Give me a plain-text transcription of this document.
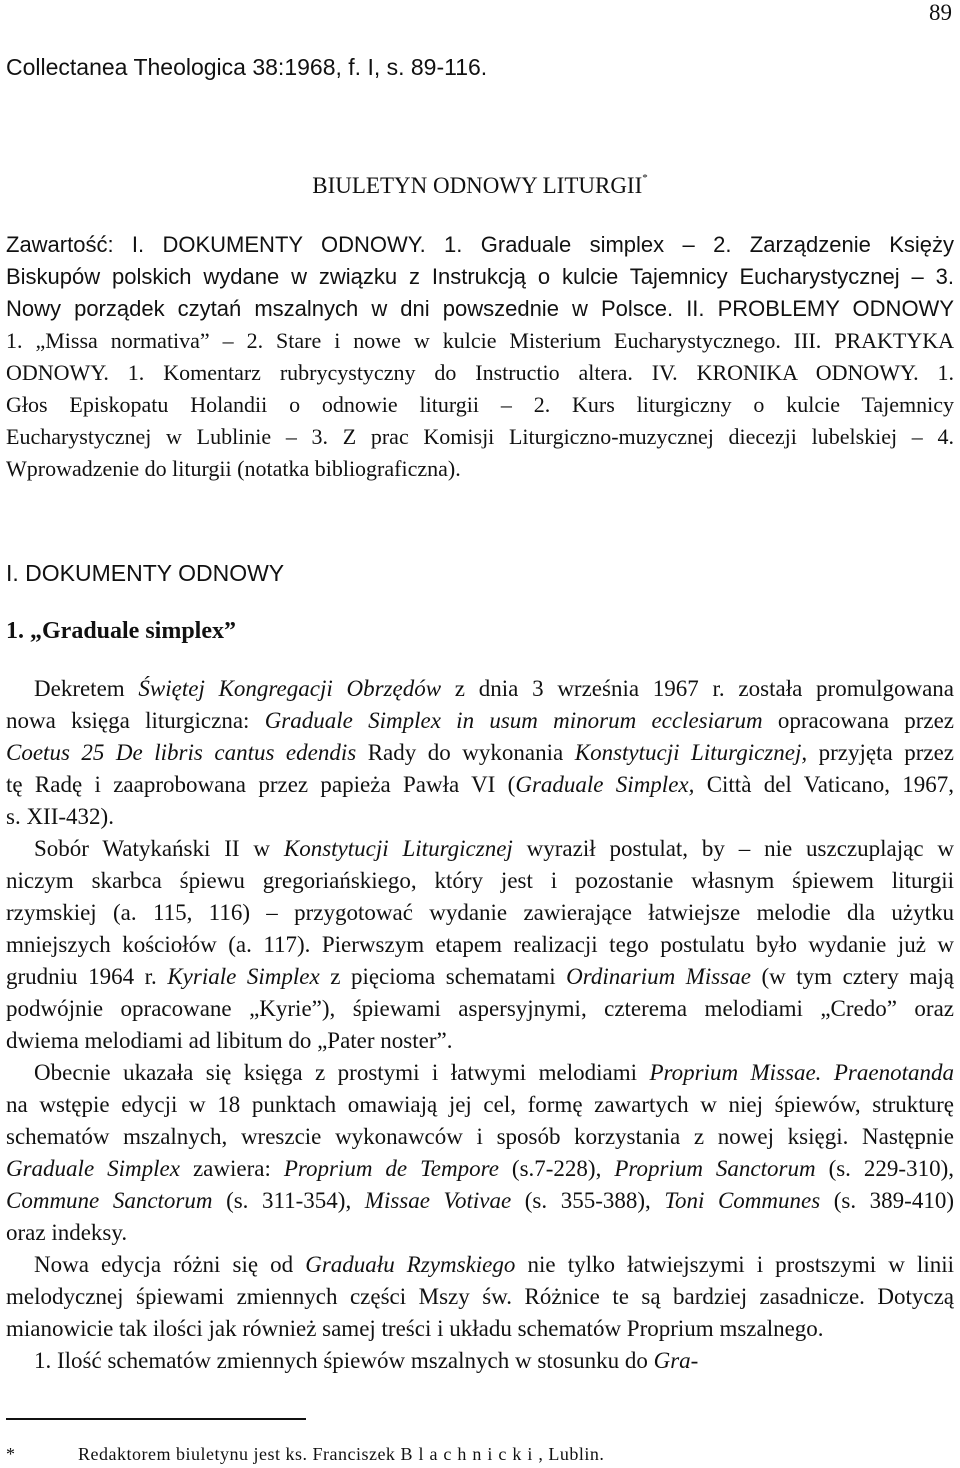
89
Collectanea Theologica 38:1968, f. I, s. 89-116.
BIULETYN ODNOWY LITURGII*
Zawartość: I. DOKUMENTY ODNOWY. 1. Graduale simplex – 2. Zarządzenie Księży
Biskupów polskich wydane w związku z Instrukcją o kulcie Tajemnicy Eucharystycznej – 3.
Nowy porządek czytań mszalnych w dni powszednie w Polsce. II. PROBLEMY ODNOWY
1. „Missa normativa” – 2. Stare i nowe w kulcie Misterium Eucharystycznego. III. PRAKTYKA
ODNOWY. 1. Komentarz rubrycystyczny do Instructio altera. IV. KRONIKA ODNOWY. 1.
Głos Episkopatu Holandii o odnowie liturgii – 2. Kurs liturgiczny o kulcie Tajemnicy
Eucharystycznej w Lublinie – 3. Z prac Komisji Liturgiczno-muzycznej diecezji lubelskiej – 4.
Wprowadzenie do liturgii (notatka bibliograficzna).
I. DOKUMENTY ODNOWY
1. „Graduale simplex”
Dekretem Świętej Kongregacji Obrzędów z dnia 3 września 1967 r. została promulgowana
nowa księga liturgiczna: Graduale Simplex in usum minorum ecclesiarum opracowana przez
Coetus 25 De libris cantus edendis Rady do wykonania Konstytucji Liturgicznej, przyjęta przez
tę Radę i zaaprobowana przez papieża Pawła VI (Graduale Simplex, Città del Vaticano, 1967,
s. XII-432).
Sobór Watykański II w Konstytucji Liturgicznej wyraził postulat, by – nie uszczuplając w
niczym skarbca śpiewu gregoriańskiego, który jest i pozostanie własnym śpiewem liturgii
rzymskiej (a. 115, 116) – przygotować wydanie zawierające łatwiejsze melodie dla użytku
mniejszych kościołów (a. 117). Pierwszym etapem realizacji tego postulatu było wydanie już w
grudniu 1964 r. Kyriale Simplex z pięcioma schematami Ordinarium Missae (w tym cztery mają
podwójnie opracowane „Kyrie”), śpiewami aspersyjnymi, czterema melodiami „Credo” oraz
dwiema melodiami ad libitum do „Pater noster”.
Obecnie ukazała się księga z prostymi i łatwymi melodiami Proprium Missae. Praenotanda
na wstępie edycji w 18 punktach omawiają jej cel, formę zawartych w niej śpiewów, strukturę
schematów mszalnych, wreszcie wykonawców i sposób korzystania z nowej księgi. Następnie
Graduale Simplex zawiera: Proprium de Tempore (s.7-228), Proprium Sanctorum (s. 229-310),
Commune Sanctorum (s. 311-354), Missae Votivae (s. 355-388), Toni Communes (s. 389-410)
oraz indeksy.
Nowa edycja różni się od Graduału Rzymskiego nie tylko łatwiejszymi i prostszymi w linii
melodycznej śpiewami zmiennych części Mszy św. Różnice te są bardziej zasadnicze. Dotyczą
mianowicie tak ilości jak również samej treści i układu schematów Proprium mszalnego.
1. Ilość schematów zmiennych śpiewów mszalnych w stosunku do Gra-
*	Redaktorem biuletynu jest ks. Franciszek Blachnicki, Lublin.
